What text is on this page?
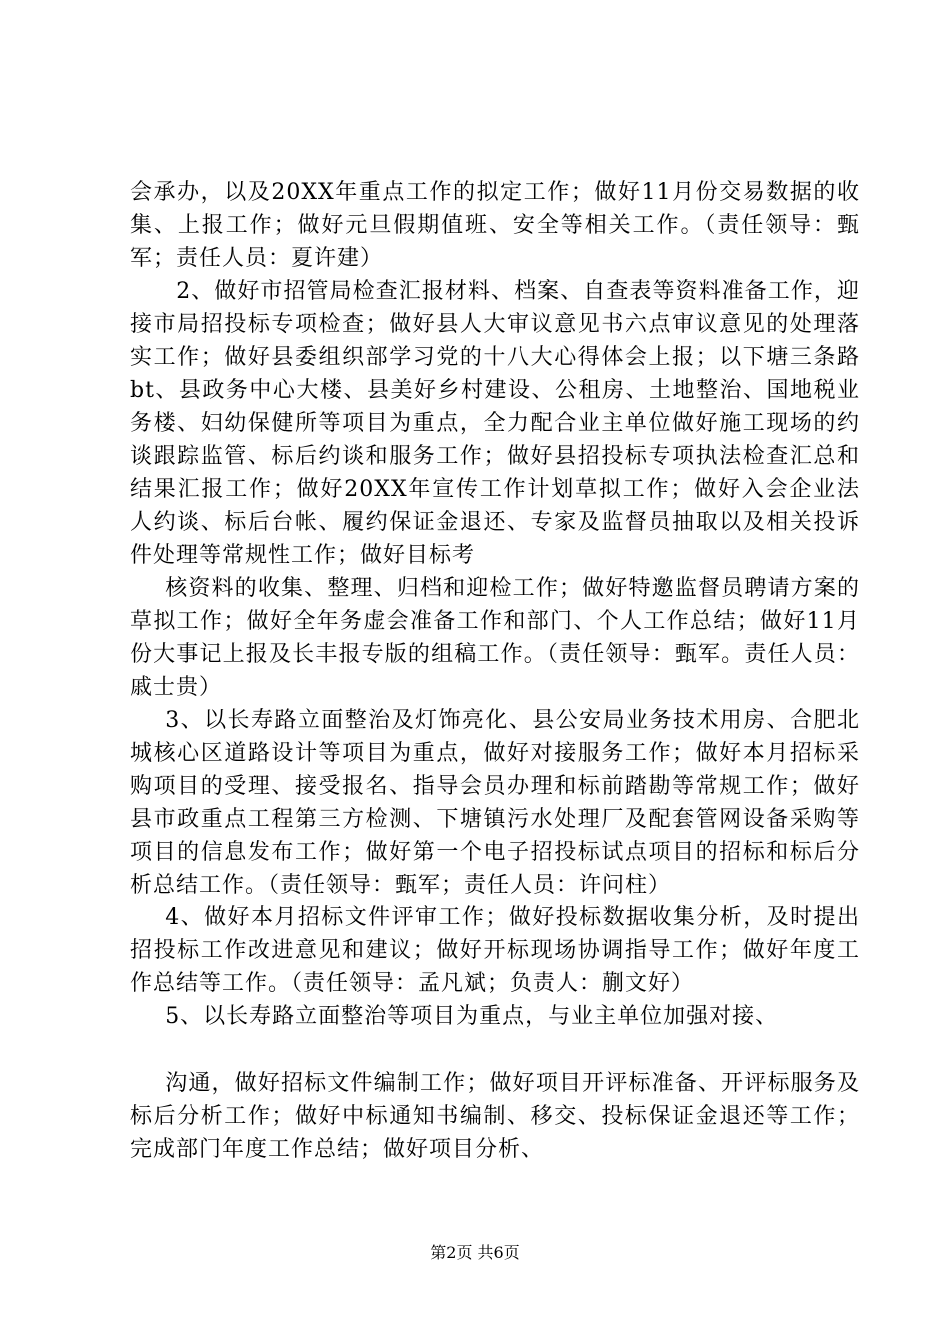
会承办，以及20XX年重点工作的拟定工作；做好11月份交易数据的收集、上报工作；做好元旦假期值班、安全等相关工作。（责任领导：甄军；责任人员：夏许建）

2、做好市招管局检查汇报材料、档案、自查表等资料准备工作，迎接市局招投标专项检查；做好县人大审议意见书六点审议意见的处理落实工作；做好县委组织部学习党的十八大心得体会上报；以下塘三条路bt、县政务中心大楼、县美好乡村建设、公租房、土地整治、国地税业务楼、妇幼保健所等项目为重点，全力配合业主单位做好施工现场的约谈跟踪监管、标后约谈和服务工作；做好县招投标专项执法检查汇总和结果汇报工作；做好20XX年宣传工作计划草拟工作；做好入会企业法人约谈、标后台帐、履约保证金退还、专家及监督员抽取以及相关投诉件处理等常规性工作；做好目标考

核资料的收集、整理、归档和迎检工作；做好特邀监督员聘请方案的草拟工作；做好全年务虚会准备工作和部门、个人工作总结；做好11月份大事记上报及长丰报专版的组稿工作。（责任领导：甄军。责任人员：戚士贵）

3、以长寿路立面整治及灯饰亮化、县公安局业务技术用房、合肥北城核心区道路设计等项目为重点，做好对接服务工作；做好本月招标采购项目的受理、接受报名、指导会员办理和标前踏勘等常规工作；做好县市政重点工程第三方检测、下塘镇污水处理厂及配套管网设备采购等项目的信息发布工作；做好第一个电子招投标试点项目的招标和标后分析总结工作。（责任领导：甄军；责任人员：许问柱）

4、做好本月招标文件评审工作；做好投标数据收集分析，及时提出招投标工作改进意见和建议；做好开标现场协调指导工作；做好年度工作总结等工作。（责任领导：孟凡斌；负责人：蒯文好）

5、以长寿路立面整治等项目为重点，与业主单位加强对接、

沟通，做好招标文件编制工作；做好项目开评标准备、开评标服务及标后分析工作；做好中标通知书编制、移交、投标保证金退还等工作；完成部门年度工作总结；做好项目分析、

第2页 共6页
